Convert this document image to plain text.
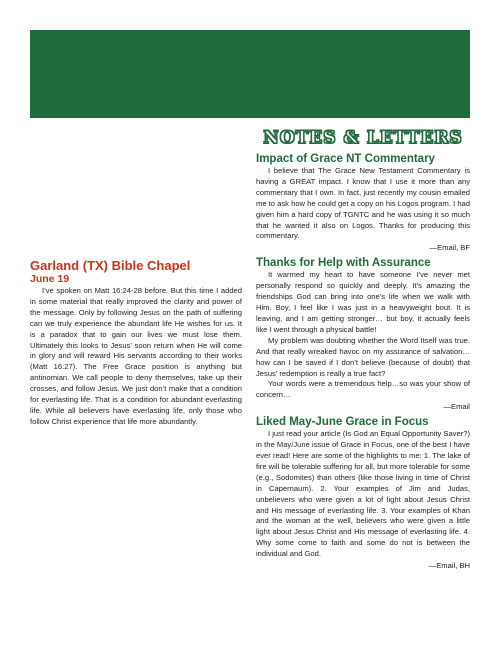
Garland (TX) Bible Chapel
June 19

I’ve spoken on Matt 16:24-28 before. But this time I added in some material that really improved the clarity and power of the message. Only by following Jesus on the path of suffering can we truly experience the abundant life He wishes for us. It is a paradox that to gain our lives we must lose them. Ultimately this looks to Jesus’ soon return when He will come in glory and will reward His servants according to their works (Matt 16:27). The Free Grace position is anything but antinomian. We call people to deny themselves, take up their crosses, and follow Jesus. We just don’t make that a condition for everlasting life. That is a condition for abundant everlasting life. While all believers have everlasting life, only those who follow Christ experience that life more abundantly.

NOTES & LETTERS
Impact of Grace NT Commentary

I believe that The Grace New Testament Commentary is having a GREAT impact. I know that I use it more than any commentary that I own. In fact, just recently my cousin emailed me to ask how he could get a copy on his Logos program. I had given him a hard copy of TGNTC and he was using it so much that he wanted it also on Logos. Thanks for producing this commentary.

—Email, BF
Thanks for Help with Assurance

It warmed my heart to have someone I’ve never met personally respond so quickly and deeply. It’s amazing the friendships God can bring into one’s life when we walk with Him. Boy, I feel like I was just in a heavyweight bout. It is leaving, and I am getting stronger… but boy, it actually feels like I went through a physical battle!

My problem was doubting whether the Word Itself was true. And that really wreaked havoc on my assurance of salvation… how can I be saved if I don’t believe (because of doubt) that Jesus’ redemption is really a true fact?

Your words were a tremendous help…so was your show of concern…

—Email
Liked May-June Grace in Focus

I just read your article (Is God an Equal Opportunity Saver?) in the May/June issue of Grace in Focus, one of the best I have ever read! Here are some of the highlights to me: 1. The lake of fire will be tolerable suffering for all, but more tolerable for some (e.g., Sodomites) than others (like those living in time of Christ in Capernaum). 2. Your examples of Jim and Judas, unbelievers who were given a lot of light about Jesus Christ and His message of everlasting life. 3. Your examples of Khan and the woman at the well, believers who were given a little light about Jesus Christ and His message of everlasting life. 4. Why some come to faith and some do not is between the individual and God.

—Email, BH
